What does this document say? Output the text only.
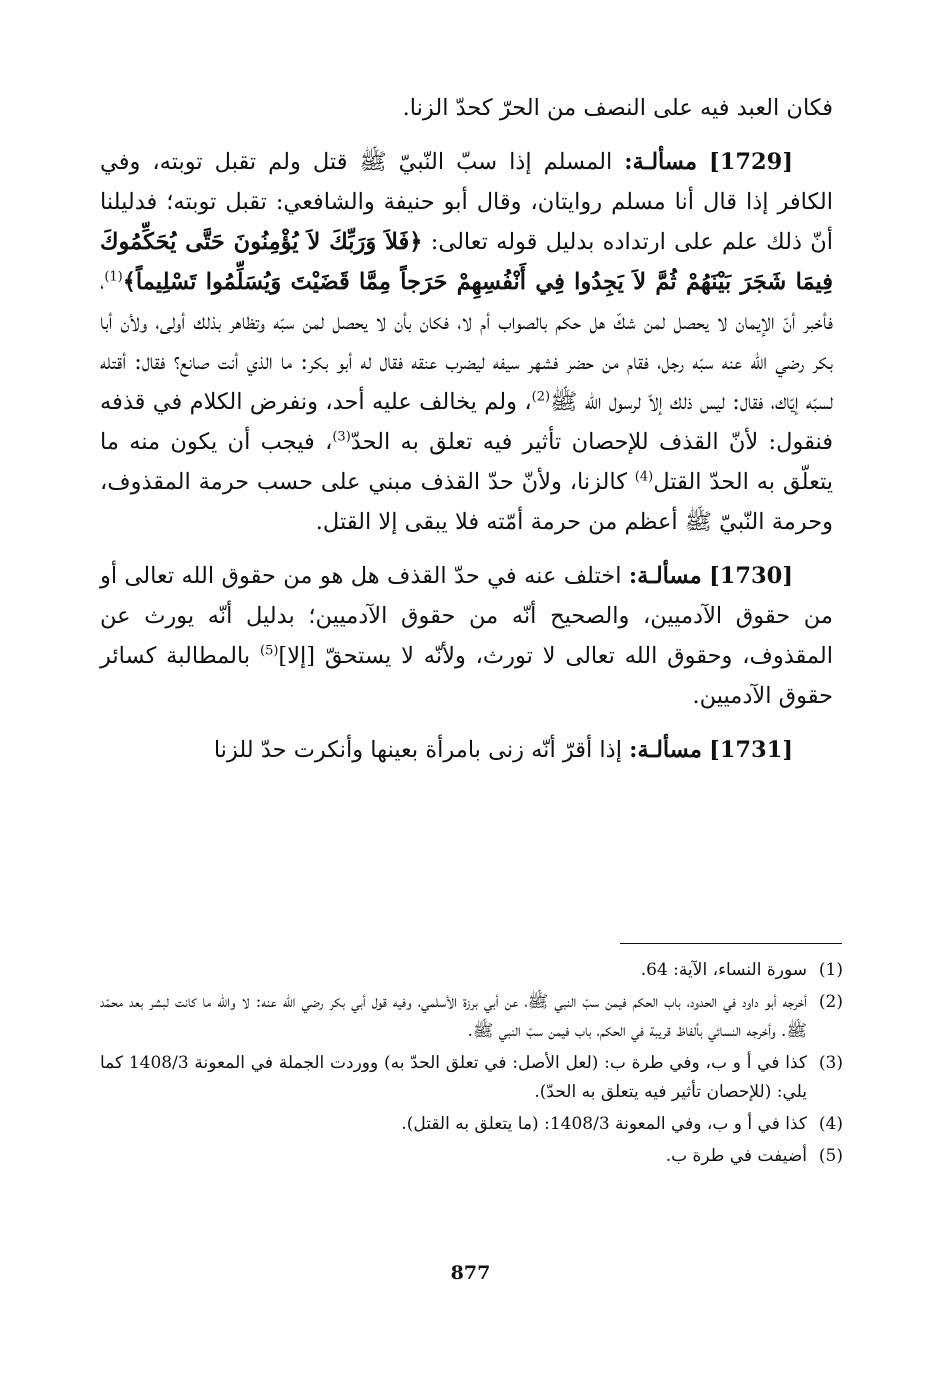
فكان العبد فيه على النصف من الحرّ كحدّ الزنا.

[1729] مسألـة: المسلم إذا سبّ النّبيّ ﷺ قتل ولم تقبل توبته، وفي الكافر إذا قال أنا مسلم روايتان، وقال أبو حنيفة والشافعي: تقبل توبته؛ فدليلنا أنّ ذلك علم على ارتداده بدليل قوله تعالى: ﴿فَلاَ وَرَبِّكَ لاَ يُؤْمِنُونَ حَتَّى يُحَكِّمُوكَ فِيمَا شَجَرَ بَيْنَهُمْ ثُمَّ لاَ يَجِدُوا فِي أَنْفُسِهِمْ حَرَجاً مِمَّا قَضَيْتَ وَيُسَلِّمُوا تَسْلِيماً﴾$^{(1)}$، فأخبر أنّ الإيمان لا يحصل لمن شكّ هل حكم بالصواب أم لا، فكان بأن لا يحصل لمن سبّه وتظاهر بذلك أولى، ولأن أبا بكر رضي الله عنه سبّه رجل، فقام من حضر فشهر سيفه ليضرب عنقه فقال له أبو بكر: ما الذي أنت صانع؟ فقال: أقتله لسبّه إيّاك، فقال: ليس ذلك إلاّ لرسول الله ﷺ$^{(2)}$، ولم يخالف عليه أحد، ونفرض الكلام في قذفه فنقول: لأنّ القذف للإحصان تأثير فيه تعلق به الحدّ$^{(3)}$، فيجب أن يكون منه ما يتعلّق به الحدّ القتل$^{(4)}$ كالزنا، ولأنّ حدّ القذف مبني على حسب حرمة المقذوف، وحرمة النّبيّ ﷺ أعظم من حرمة أمّته فلا يبقى إلا القتل.

[1730] مسألـة: اختلف عنه في حدّ القذف هل هو من حقوق الله تعالى أو من حقوق الآدميين، والصحيح أنّه من حقوق الآدميين؛ بدليل أنّه يورث عن المقذوف، وحقوق الله تعالى لا تورث، ولأنّه لا يستحقّ [إلا]$^{(5)}$ بالمطالبة كسائر حقوق الآدميين.

[1731] مسألـة: إذا أقرّ أنّه زنى بامرأة بعينها وأنكرت حدّ للزنا

(1)
سورة النساء، الآية: 64.
(2)
أخرجه أبو داود في الحدود، باب الحكم فيمن سبّ النبي ﷺ، عن أبي برزة الأسلمي، وفيه قول أبي بكر رضي الله عنه: لا والله ما كانت لبشر بعد محمّد ﷺ. وأخرجه النسائي بألفاظ قريبة في الحكم، باب فيمن سبّ النبي ﷺ.
(3)
كذا في أ و ب، وفي طرة ب: (لعل الأصل: في تعلق الحدّ به) ووردت الجملة في المعونة 1408/3 كما يلي: (للإحصان تأثير فيه يتعلق به الحدّ).
(4)
كذا في أ و ب، وفي المعونة 1408/3: (ما يتعلق به القتل).
(5)
أضيفت في طرة ب.
877
